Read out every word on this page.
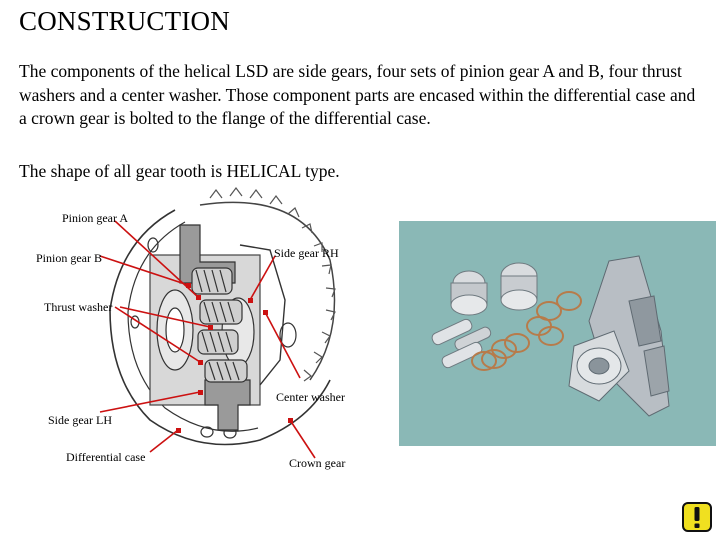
CONSTRUCTION
The components of the helical LSD are side gears, four sets of pinion gear A and B, four thrust washers and a center washer. Those component parts are encased within the differential case and a crown gear is bolted to the flange of the differential case.
The shape of all gear tooth is HELICAL type.
Pinion gear A
Pinion gear B	Side gear RH
Thrust washer
Center washer
Side gear LH
Differential case	Crown gear
